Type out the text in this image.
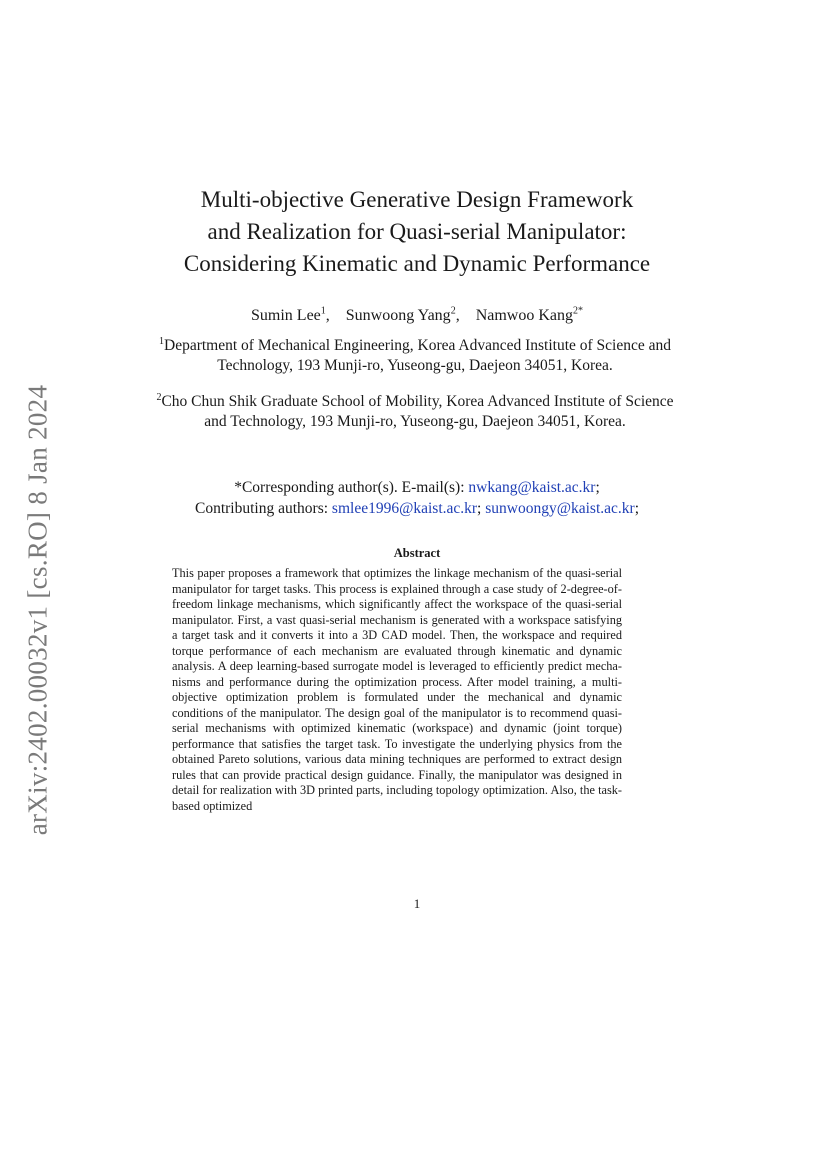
arXiv:2402.00032v1 [cs.RO] 8 Jan 2024
Multi-objective Generative Design Framework
and Realization for Quasi-serial Manipulator:
Considering Kinematic and Dynamic Performance
Sumin Lee$^1$, Sunwoong Yang$^2$, Namwoo Kang$^{2*}$
$^1$Department of Mechanical Engineering, Korea Advanced Institute of Science and Technology, 193 Munji-ro, Yuseong-gu, Daejeon 34051, Korea.
$^2$Cho Chun Shik Graduate School of Mobility, Korea Advanced Institute of Science and Technology, 193 Munji-ro, Yuseong-gu, Daejeon 34051, Korea.
*Corresponding author(s). E-mail(s): nwkang@kaist.ac.kr;
Contributing authors: smlee1996@kaist.ac.kr; sunwoongy@kaist.ac.kr;
Abstract
This paper proposes a framework that optimizes the linkage mechanism of the quasi-serial manipulator for target tasks. This process is explained through a case study of 2-degree-of-freedom linkage mechanisms, which significantly affect the workspace of the quasi-serial manipulator. First, a vast quasi-serial mechanism is generated with a workspace satisfying a target task and it converts it into a 3D CAD model. Then, the workspace and required torque performance of each mechanism are evaluated through kinematic and dynamic analysis. A deep learning-based surrogate model is leveraged to efficiently predict mechanisms and performance during the optimization process. After model training, a multi-objective optimization problem is formulated under the mechanical and dynamic conditions of the manipulator. The design goal of the manipulator is to recommend quasi-serial mechanisms with optimized kinematic (workspace) and dynamic (joint torque) performance that satisfies the target task. To investigate the underlying physics from the obtained Pareto solutions, various data mining techniques are performed to extract design rules that can provide practical design guidance. Finally, the manipulator was designed in detail for realization with 3D printed parts, including topology optimization. Also, the task-based optimized
1
